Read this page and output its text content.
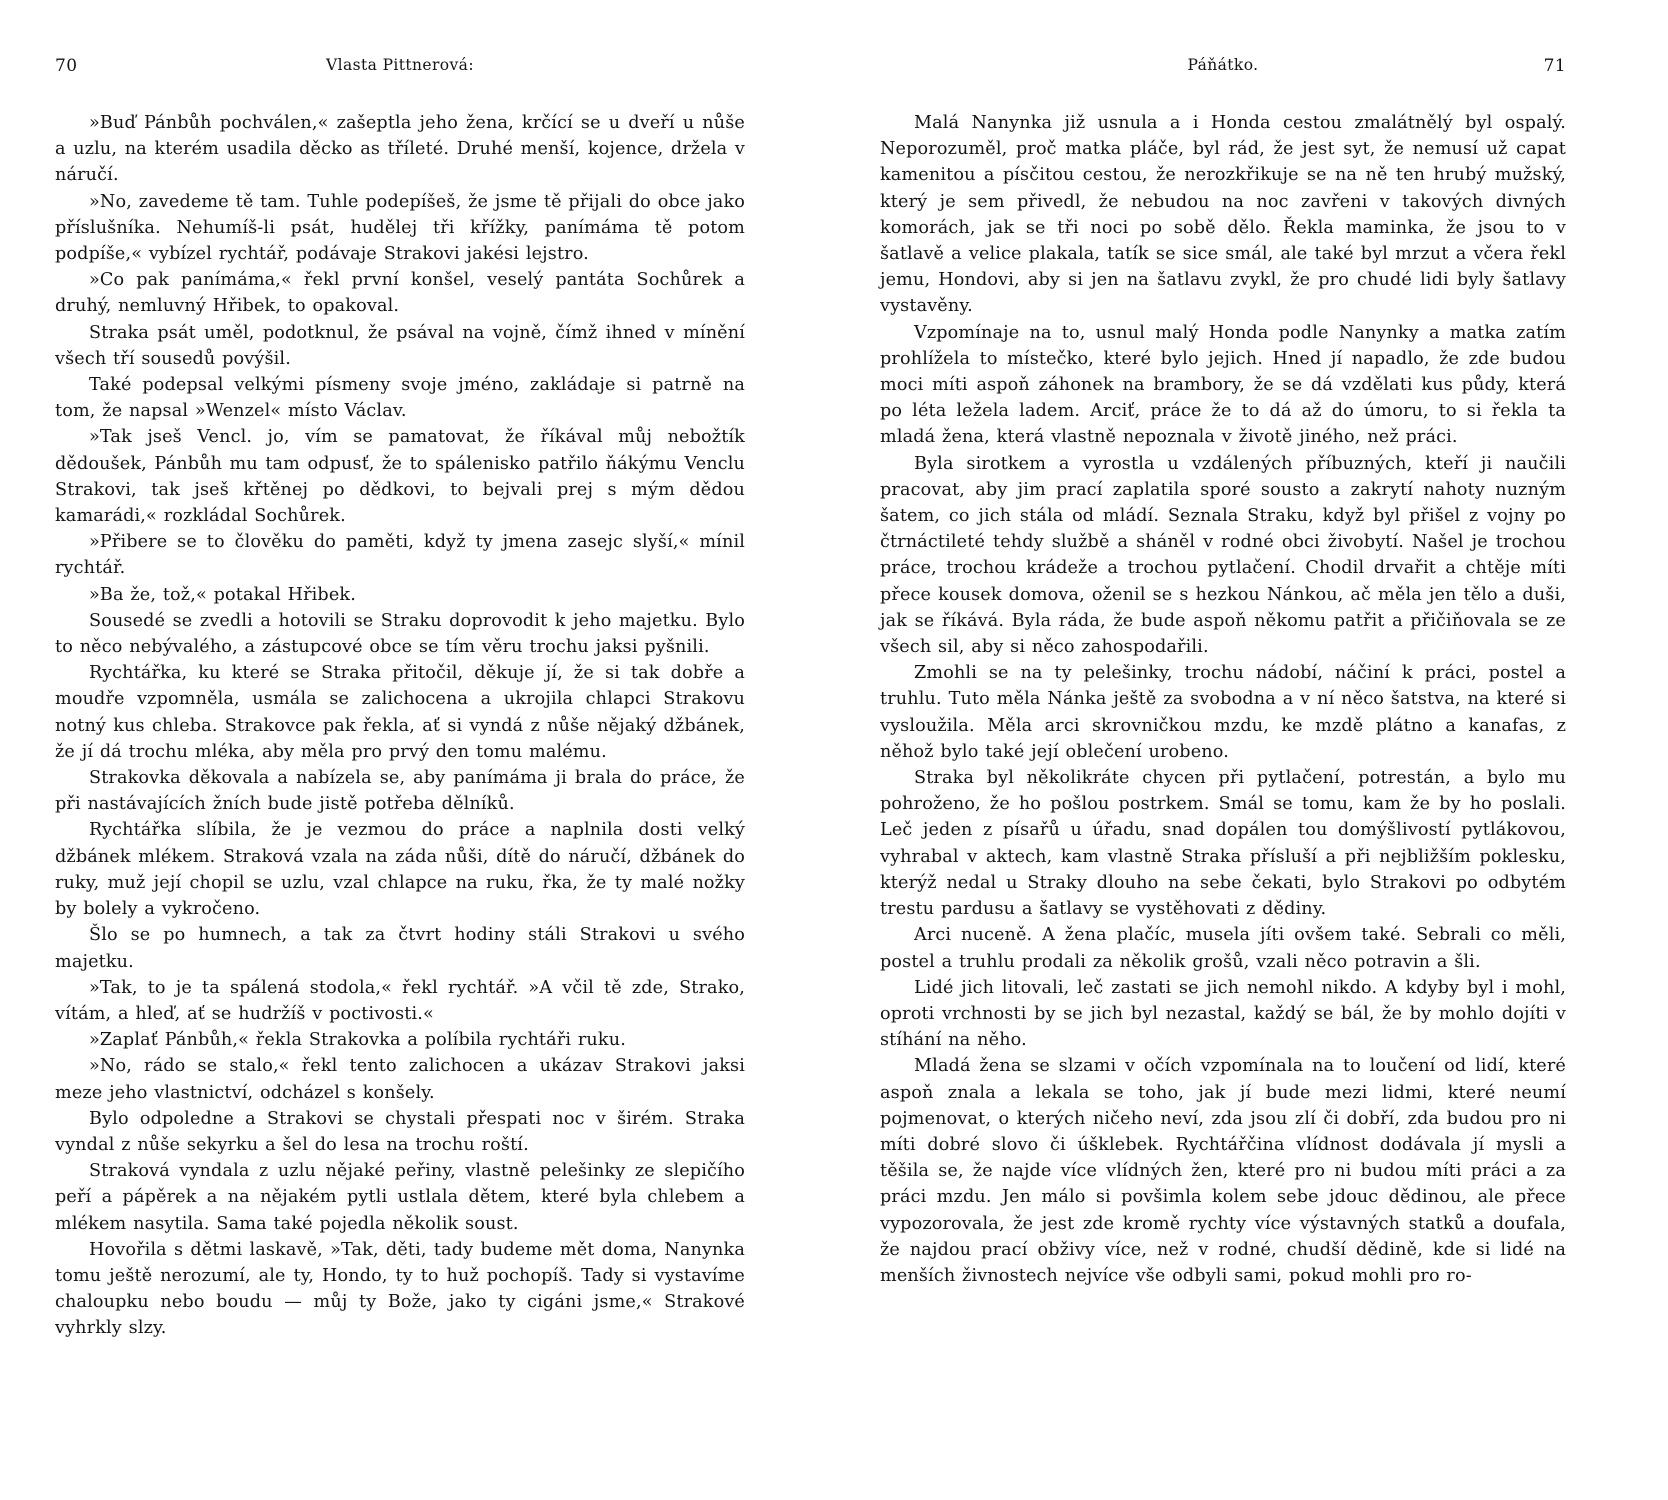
70	Vlasta Pittnerová:

»Buď Pánbůh pochválen,« zašeptla jeho žena, krčící se u dveří u nůše a uzlu, na kterém usadila děcko as tříleté. Druhé menší, kojence, držela v náručí.

»No, zavedeme tě tam. Tuhle podepíšeš, že jsme tě přijali do obce jako příslušníka. Nehumíš-li psát, hudělej tři křížky, panímáma tě potom podpíše,« vybízel rychtář, podávaje Strakovi jakési lejstro.

»Co pak panímáma,« řekl první konšel, veselý pantáta Sochůrek a druhý, nemluvný Hřibek, to opakoval.

Straka psát uměl, podotknul, že psával na vojně, čímž ihned v mínění všech tří sousedů povýšil.

Také podepsal velkými písmeny svoje jméno, zakládaje si patrně na tom, že napsal »Wenzel« místo Václav.

»Tak jseš Vencl. jo, vím se pamatovat, že říkával můj nebožtík dědoušek, Pánbůh mu tam odpusť, že to spálenisko patřilo ňákýmu Venclu Strakovi, tak jseš křtěnej po dědkovi, to bejvali prej s mým dědou kamarádi,« rozkládal Sochůrek.

»Přibere se to člověku do paměti, když ty jmena zasejc slyší,« mínil rychtář.

»Ba že, tož,« potakal Hřibek.

Sousedé se zvedli a hotovili se Straku doprovodit k jeho majetku. Bylo to něco nebývalého, a zástupcové obce se tím věru trochu jaksi pyšnili.

Rychtářka, ku které se Straka přitočil, děkuje jí, že si tak dobře a moudře vzpomněla, usmála se zalichocena a ukrojila chlapci Strakovu notný kus chleba. Strakovce pak řekla, ať si vyndá z nůše nějaký džbánek, že jí dá trochu mléka, aby měla pro prvý den tomu malému.

Strakovka děkovala a nabízela se, aby panímáma ji brala do práce, že při nastávajících žních bude jistě potřeba dělníků.

Rychtářka slíbila, že je vezmou do práce a naplnila dosti velký džbánek mlékem. Straková vzala na záda nůši, dítě do náručí, džbánek do ruky, muž její chopil se uzlu, vzal chlapce na ruku, řka, že ty malé nožky by bolely a vykročeno.

Šlo se po humnech, a tak za čtvrt hodiny stáli Strakovi u svého majetku.

»Tak, to je ta spálená stodola,« řekl rychtář. »A včil tě zde, Strako, vítám, a hleď, ať se hudržíš v poctivosti.«

»Zaplať Pánbůh,« řekla Strakovka a políbila rychtáři ruku.

»No, rádo se stalo,« řekl tento zalichocen a ukázav Strakovi jaksi meze jeho vlastnictví, odcházel s konšely.

Bylo odpoledne a Strakovi se chystali přespati noc v širém. Straka vyndal z nůše sekyrku a šel do lesa na trochu roští.

Straková vyndala z uzlu nějaké peřiny, vlastně pelešinky ze slepičího peří a pápěrek a na nějakém pytli ustlala dětem, které byla chlebem a mlékem nasytila. Sama také pojedla několik soust.

Hovořila s dětmi laskavě, »Tak, děti, tady budeme mět doma, Nanynka tomu ještě nerozumí, ale ty, Hondo, ty to huž pochopíš. Tady si vystavíme chaloupku nebo boudu — můj ty Bože, jako ty cigáni jsme,« Strakové vyhrkly slzy.

Páňátko.	71

Malá Nanynka již usnula a i Honda cestou zmalátnělý byl ospalý. Neporozuměl, proč matka pláče, byl rád, že jest syt, že nemusí už capat kamenitou a písčitou cestou, že nerozkřikuje se na ně ten hrubý mužský, který je sem přivedl, že nebudou na noc zavřeni v takových divných komorách, jak se tři noci po sobě dělo. Řekla maminka, že jsou to v šatlavě a velice plakala, tatík se sice smál, ale také byl mrzut a včera řekl jemu, Hondovi, aby si jen na šatlavu zvykl, že pro chudé lidi byly šatlavy vystavěny.

Vzpomínaje na to, usnul malý Honda podle Nanynky a matka zatím prohlížela to místečko, které bylo jejich. Hned jí napadlo, že zde budou moci míti aspoň záhonek na brambory, že se dá vzdělati kus půdy, která po léta ležela ladem. Arciť, práce že to dá až do úmoru, to si řekla ta mladá žena, která vlastně nepoznala v životě jiného, než práci.

Byla sirotkem a vyrostla u vzdálených příbuzných, kteří ji naučili pracovat, aby jim prací zaplatila sporé sousto a zakrytí nahoty nuzným šatem, co jich stála od mládí. Seznala Straku, když byl přišel z vojny po čtrnáctileté tehdy službě a sháněl v rodné obci živobytí. Našel je trochou práce, trochou krádeže a trochou pytlačení. Chodil drvařit a chtěje míti přece kousek domova, oženil se s hezkou Nánkou, ač měla jen tělo a duši, jak se říkává. Byla ráda, že bude aspoň někomu patřit a přičiňovala se ze všech sil, aby si něco zahospodařili.

Zmohli se na ty pelešinky, trochu nádobí, náčiní k práci, postel a truhlu. Tuto měla Nánka ještě za svobodna a v ní něco šatstva, na které si vysloužila. Měla arci skrovničkou mzdu, ke mzdě plátno a kanafas, z něhož bylo také její oblečení urobeno.

Straka byl několikráte chycen při pytlačení, potrestán, a bylo mu pohroženo, že ho pošlou postrkem. Smál se tomu, kam že by ho poslali. Leč jeden z písařů u úřadu, snad dopálen tou domýšlivostí pytlákovou, vyhrabal v aktech, kam vlastně Straka přísluší a při nejbližším poklesku, kterýž nedal u Straky dlouho na sebe čekati, bylo Strakovi po odbytém trestu pardusu a šatlavy se vystěhovati z dědiny.

Arci nuceně. A žena plačíc, musela jíti ovšem také. Sebrali co měli, postel a truhlu prodali za několik grošů, vzali něco potravin a šli.

Lidé jich litovali, leč zastati se jich nemohl nikdo. A kdyby byl i mohl, oproti vrchnosti by se jich byl nezastal, každý se bál, že by mohlo dojíti v stíhání na něho.

Mladá žena se slzami v očích vzpomínala na to loučení od lidí, které aspoň znala a lekala se toho, jak jí bude mezi lidmi, které neumí pojmenovat, o kterých ničeho neví, zda jsou zlí či dobří, zda budou pro ni míti dobré slovo či úšklebek. Rychtářčina vlídnost dodávala jí mysli a těšila se, že najde více vlídných žen, které pro ni budou míti práci a za práci mzdu. Jen málo si povšimla kolem sebe jdouc dědinou, ale přece vypozorovala, že jest zde kromě rychty více výstavných statků a doufala, že najdou prací obživy více, než v rodné, chudší dědině, kde si lidé na menších živnostech nejvíce vše odbyli sami, pokud mohli pro ro-
